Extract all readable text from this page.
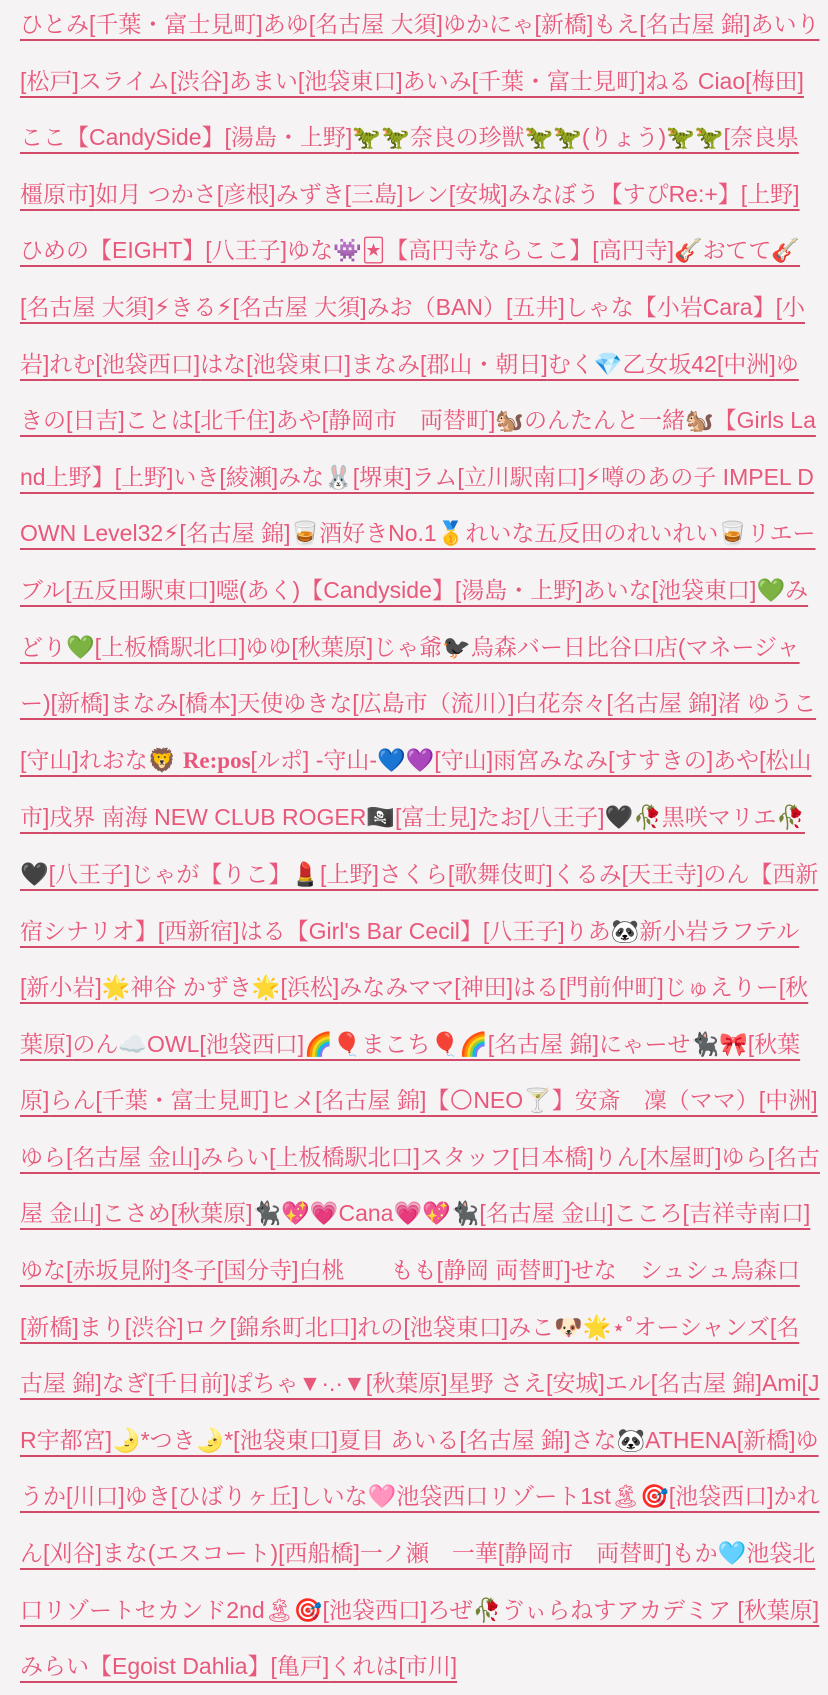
ひとみ[千葉・富士見町]あゆ[名古屋 大須]ゆかにゃ[新橋]もえ[名古屋 錦]あいり[松戸]スライム[渋谷]あまい[池袋東口]あいみ[千葉・富士見町]ねる Ciao[梅田]ここ【CandySide】[湯島・上野]🦖🦖奈良の珍獣🦖🦖(りょう)🦖🦖[奈良県橿原市]如月 つかさ[彦根]みずき[三島]レン[安城]みなぼう【すぴRe:+】[上野]ひめの【EIGHT】[八王子]ゆな👾🃏【高円寺ならここ】[高円寺]🎸おてて🎸[名古屋 大須]⚡きる⚡[名古屋 大須]みお（BAN）[五井]しゃな【小岩Cara】[小岩]れむ[池袋西口]はな[池袋東口]まなみ[郡山・朝日]むく💎乙女坂42[中洲]ゆきの[日吉]ことは[北千住]あや[静岡市　両替町]🐿️のんたんと一緒🐿️【Girls Land上野】[上野]いき[綾瀬]みな🐰[堺東]ラム[立川駅南口]⚡噂のあの子 IMPEL DOWN Level32⚡[名古屋 錦]🥃酒好きNo.1🥇れいな五反田のれいれい🥃リエーブル[五反田駅東口]噁(あく)【Candyside】[湯島・上野]あいな[池袋東口]💚みどり💚[上板橋駅北口]ゆゆ[秋葉原]じゃ爺🐦‍⬛烏森バー日比谷口店(マネージャー)[新橋]まなみ[橋本]天使ゆきな[広島市（流川）]白花奈々[名古屋 錦]渚 ゆうこ[守山]れおな🦁 Re:pos[ルポ] -守山-💙💜[守山]雨宮みなみ[すすきの]あや[松山市]戌界 南海 NEW CLUB ROGER🏴‍☠️[富士見]たお[八王子]🖤🥀黒咲マリエ🥀🖤[八王子]じゃが【りこ】💄[上野]さくら[歌舞伎町]くるみ[天王寺]のん【西新宿シナリオ】[西新宿]はる【Girl's Bar Cecil】[八王子]りあ🐼新小岩ラフテル[新小岩]🌟神谷 かずき🌟[浜松]みなみママ[神田]はる[門前仲町]じゅえりー[秋葉原]のん☁️OWL[池袋西口]🌈🎈まこち🎈🌈[名古屋 錦]にゃーせ🐈‍⬛🎀[秋葉原]らん[千葉・富士見町]ヒメ[名古屋 錦]【🌕NEO🍸】安斎　凜（ママ）[中洲]ゆら[名古屋 金山]みらい[上板橋駅北口]スタッフ[日本橋]りん[木屋町]ゆら[名古屋 金山]こさめ[秋葉原]🐈‍⬛💖💗Cana💗💖🐈‍⬛[名古屋 金山]こころ[吉祥寺南口]ゆな[赤坂見附]冬子[国分寺]白桃　　もも[静岡 両替町]せな　シュシュ烏森口[新橋]まり[渋谷]ロク[錦糸町北口]れの[池袋東口]みこ🐶🌟⋆˚オーシャンズ[名古屋 錦]なぎ[千日前]ぽちゃ▼·.·▼[秋葉原]星野 さえ[安城]エル[名古屋 錦]Ami[JR宇都宮]🌛*つき🌛*[池袋東口]夏目 あいる[名古屋 錦]さな🐼ATHENA[新橋]ゆうか[川口]ゆき[ひばりヶ丘]しいな🩷池袋西口リゾート1st🏝🎯[池袋西口]かれん[刈谷]まな(エスコート)[西船橋]一ノ瀬　一華[静岡市　両替町]もか🩵池袋北口リゾートセカンド2nd🏝🎯[池袋西口]ろぜ🥀ゔぃらねすアカデミア [秋葉原]みらい【Egoist Dahlia】[亀戸]くれは[市川]
